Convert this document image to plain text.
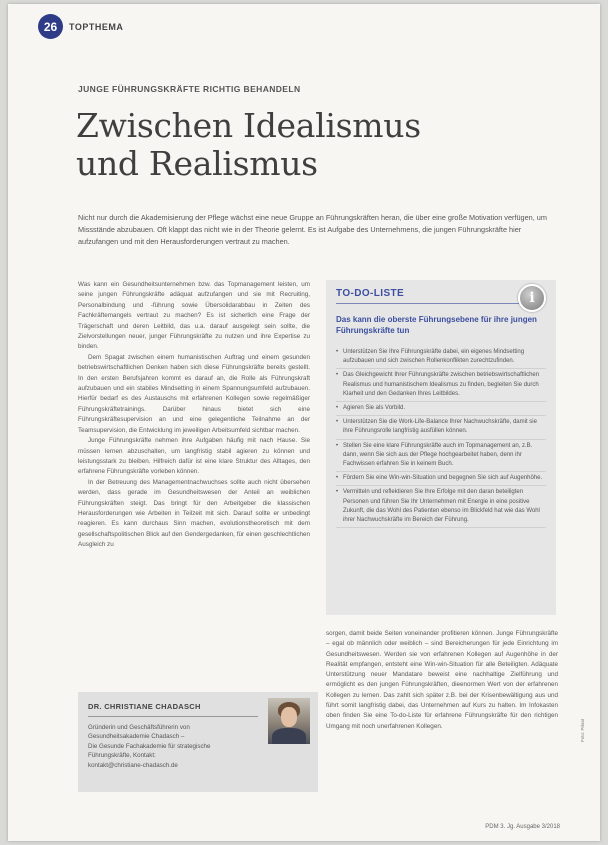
26	TOPTHEMA
JUNGE FÜHRUNGSKRÄFTE RICHTIG BEHANDELN
Zwischen Idealismus
und Realismus

Nicht nur durch die Akademisierung der Pflege wächst eine neue Gruppe an Führungskräften heran, die über eine große Motivation verfügen, um Missstände abzubauen. Oft klappt das nicht wie in der Theorie gelernt. Es ist Aufgabe des Unternehmens, die jungen Führungskräfte hier aufzufangen und mit den Herausforderungen vertraut zu machen.

Was kann ein Gesundheitsunternehmen bzw. das Topmanagement leisten, um seine jungen Führungskräfte adäquat aufzufangen und sie mit Recruiting, Personalbindung und -führung sowie Übersolidarabbau in Zeiten des Fachkräftemangels vertraut zu machen? Es ist sicherlich eine Frage der Trägerschaft und deren Leitbild, das u.a. darauf ausgelegt sein sollte, die Zielvorstellungen neuer, junger Führungskräfte zu nutzen und ihre Expertise zu binden.

Dem Spagat zwischen einem humanistischen Auftrag und einem gesunden betriebswirtschaftlichen Denken haben sich diese Führungskräfte bereits gestellt. In den ersten Berufsjahren kommt es darauf an, die Rolle als Führungskraft aufzubauen und ein stabiles Mindsetting in einem Spannungsumfeld aufzubauen. Hierfür bedarf es des Austauschs mit erfahrenen Kollegen sowie regelmäßiger Führungskräftetrainings. Darüber hinaus bietet sich eine Führungskräftesupervision an und eine gelegentliche Teilnahme an der Teamsupervision, die Entwicklung im jeweiligen Arbeitsumfeld sichtbar machen.

Junge Führungskräfte nehmen ihre Aufgaben häufig mit nach Hause. Sie müssen lernen abzuschalten, um langfristig stabil agieren zu können und leistungsstark zu bleiben. Hilfreich dafür ist eine klare Struktur des Alltages, den erfahrene Führungskräfte vorleben können.

In der Betreuung des Managementnachwuchses sollte auch nicht übersehen werden, dass gerade im Gesundheitswesen der Anteil an weiblichen Führungskräften steigt. Das bringt für den Arbeitgeber die klassischen Herausforderungen wie Arbeiten in Teilzeit mit sich. Darauf sollte er unbedingt reagieren. Es kann durchaus Sinn machen, evolutionstheoretisch mit dem gesellschaftspolitischen Blick auf den Gendergedanken, für einen geschlechtlichen Ausgleich zu

TO-DO-LISTE	i
Das kann die oberste Führungsebene für ihre jungen Führungskräfte tun
• Unterstützen Sie Ihre Führungskräfte dabei, ein eigenes Mindsetting aufzubauen und sich zwischen Rollenkonflikten zurechtzufinden.
• Das Gleichgewicht Ihrer Führungskräfte zwischen betriebswirtschaftlichen Realismus und humanistischem Idealismus zu finden, begleiten Sie durch Klarheit und den Gedanken Ihres Leitbildes.
• Agieren Sie als Vorbild.
• Unterstützen Sie die Work-Life-Balance Ihrer Nachwuchskräfte, damit sie ihre Führungsrolle langfristig ausfüllen können.
• Stellen Sie eine klare Führungskräfte auch im Topmanagement an, z.B. dann, wenn Sie sich aus der Pflege hochgearbeitet haben, denn ihr Fachwissen erfahren Sie in keinem Buch.
• Fördern Sie eine Win-win-Situation und begegnen Sie sich auf Augenhöhe.
• Vermitteln und reflektieren Sie Ihre Erfolge mit den daran beteiligten Personen und führen Sie Ihr Unternehmen mit Energie in eine positive Zukunft, die das Wohl des Patienten ebenso im Blickfeld hat wie das Wohl ihrer Nachwuchskräfte im Bereich der Führung.

sorgen, damit beide Seiten voneinander profitieren können. Junge Führungskräfte – egal ob männlich oder weiblich – sind Bereicherungen für jede Einrichtung im Gesundheitswesen. Werden sie von erfahrenen Kollegen auf Augenhöhe in der Realität empfangen, entsteht eine Win-win-Situation für alle Beteiligten. Adäquate Unterstützung neuer Mandatare beweist eine nachhaltige Zielführung und ermöglicht es den jungen Führungskräften, dieenormen Wert von der erfahrenen Kollegen zu lernen. Das zahlt sich später z.B. bei der Krisenbewältigung aus und führt somit langfristig dabei, das Unternehmen auf Kurs zu halten. Im Infokasten oben finden Sie eine To-do-Liste für erfahrene Führungskräfte für den richtigen Umgang mit noch unerfahrenen Kollegen.

DR. CHRISTIANE CHADASCH
Gründerin und Geschäftsführerin von
Gesundheitsakademie Chadasch –
Die Gesunde Fachakademie für strategische
Führungskräfte, Kontakt:
kontakt@christiane-chadasch.de
Foto: Privat
PDM 3. Jg. Ausgabe 3/2018
